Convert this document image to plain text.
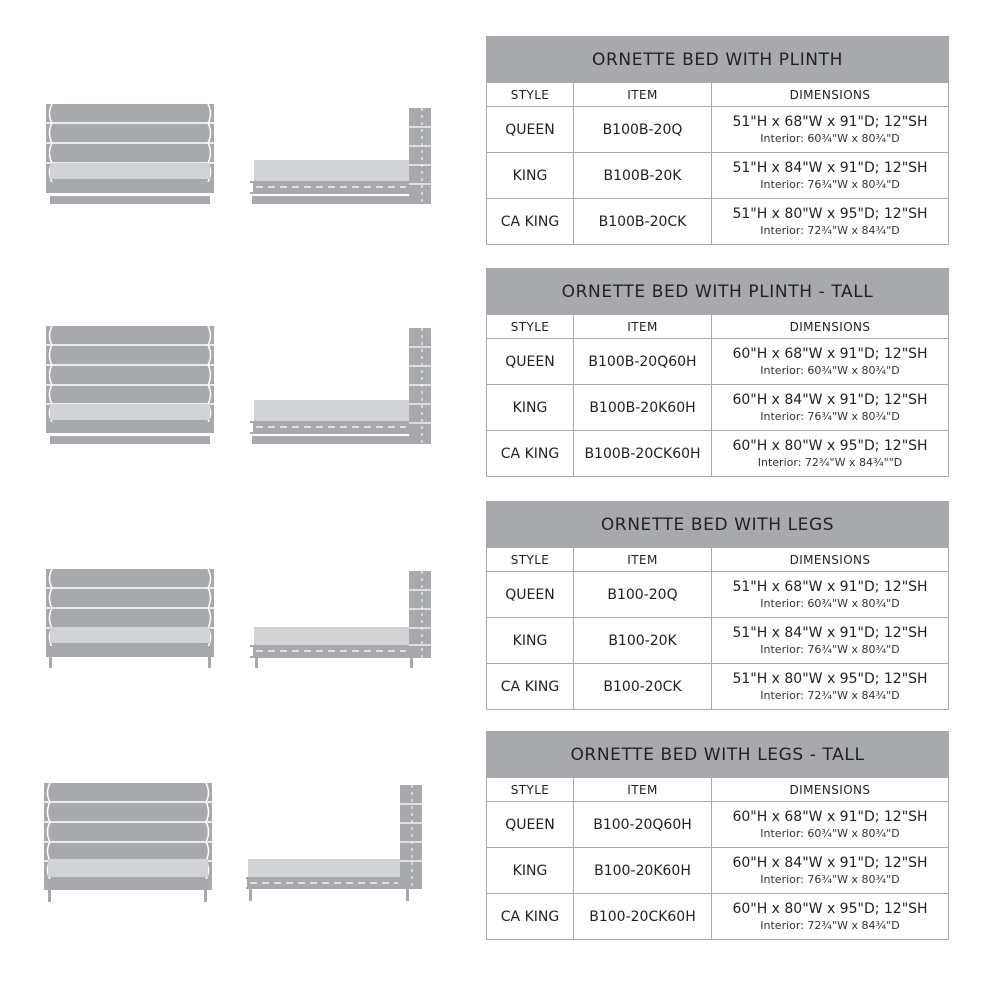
ORNETTE BED WITH PLINTH		
STYLE	ITEM	DIMENSIONS
QUEEN	B100B-20Q	51"H x 68"W x 91"D; 12"SH
Interior: 60¾"W x 80¾"D

KING	B100B-20K	51"H x 84"W x 91"D; 12"SH
Interior: 76¾"W x 80¾"D

CA KING	B100B-20CK	51"H x 80"W x 95"D; 12"SH
Interior: 72¾"W x 84¾"D
ORNETTE BED WITH PLINTH - TALL		
STYLE	ITEM	DIMENSIONS
QUEEN	B100B-20Q60H	60"H x 68"W x 91"D; 12"SH
Interior: 60¾"W x 80¾"D

KING	B100B-20K60H	60"H x 84"W x 91"D; 12"SH
Interior: 76¾"W x 80¾"D

CA KING	B100B-20CK60H	60"H x 80"W x 95"D; 12"SH
Interior: 72¾"W x 84¾""D
ORNETTE BED WITH LEGS		
STYLE	ITEM	DIMENSIONS
QUEEN	B100-20Q	51"H x 68"W x 91"D; 12"SH
Interior: 60¾"W x 80¾"D

KING	B100-20K	51"H x 84"W x 91"D; 12"SH
Interior: 76¾"W x 80¾"D

CA KING	B100-20CK	51"H x 80"W x 95"D; 12"SH
Interior: 72¾"W x 84¾"D
ORNETTE BED WITH LEGS - TALL		
STYLE	ITEM	DIMENSIONS
QUEEN	B100-20Q60H	60"H x 68"W x 91"D; 12"SH
Interior: 60¾"W x 80¾"D

KING	B100-20K60H	60"H x 84"W x 91"D; 12"SH
Interior: 76¾"W x 80¾"D

CA KING	B100-20CK60H	60"H x 80"W x 95"D; 12"SH
Interior: 72¾"W x 84¾"D
